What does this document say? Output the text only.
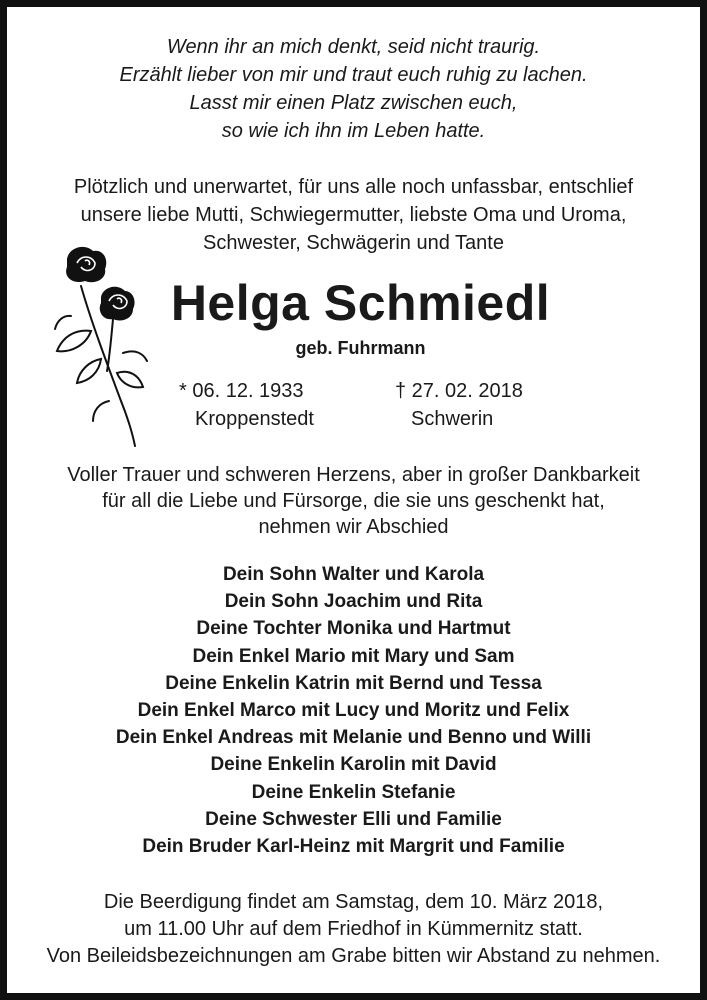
Wenn ihr an mich denkt, seid nicht traurig.
Erzählt lieber von mir und traut euch ruhig zu lachen.
Lasst mir einen Platz zwischen euch,
so wie ich ihn im Leben hatte.
Plötzlich und unerwartet, für uns alle noch unfassbar, entschlief
unsere liebe Mutti, Schwiegermutter, liebste Oma und Uroma,
Schwester, Schwägerin und Tante
Helga Schmiedl
geb. Fuhrmann
* 06. 12. 1933
Kroppenstedt
† 27. 02. 2018
Schwerin
Voller Trauer und schweren Herzens, aber in großer Dankbarkeit
für all die Liebe und Fürsorge, die sie uns geschenkt hat,
nehmen wir Abschied
Dein Sohn Walter und Karola
Dein Sohn Joachim und Rita
Deine Tochter Monika und Hartmut
Dein Enkel Mario mit Mary und Sam
Deine Enkelin Katrin mit Bernd und Tessa
Dein Enkel Marco mit Lucy und Moritz und Felix
Dein Enkel Andreas mit Melanie und Benno und Willi
Deine Enkelin Karolin mit David
Deine Enkelin Stefanie
Deine Schwester Elli und Familie
Dein Bruder Karl-Heinz mit Margrit und Familie
Die Beerdigung findet am Samstag, dem 10. März 2018,
um 11.00 Uhr auf dem Friedhof in Kümmernitz statt.
Von Beileidsbezeichnungen am Grabe bitten wir Abstand zu nehmen.
